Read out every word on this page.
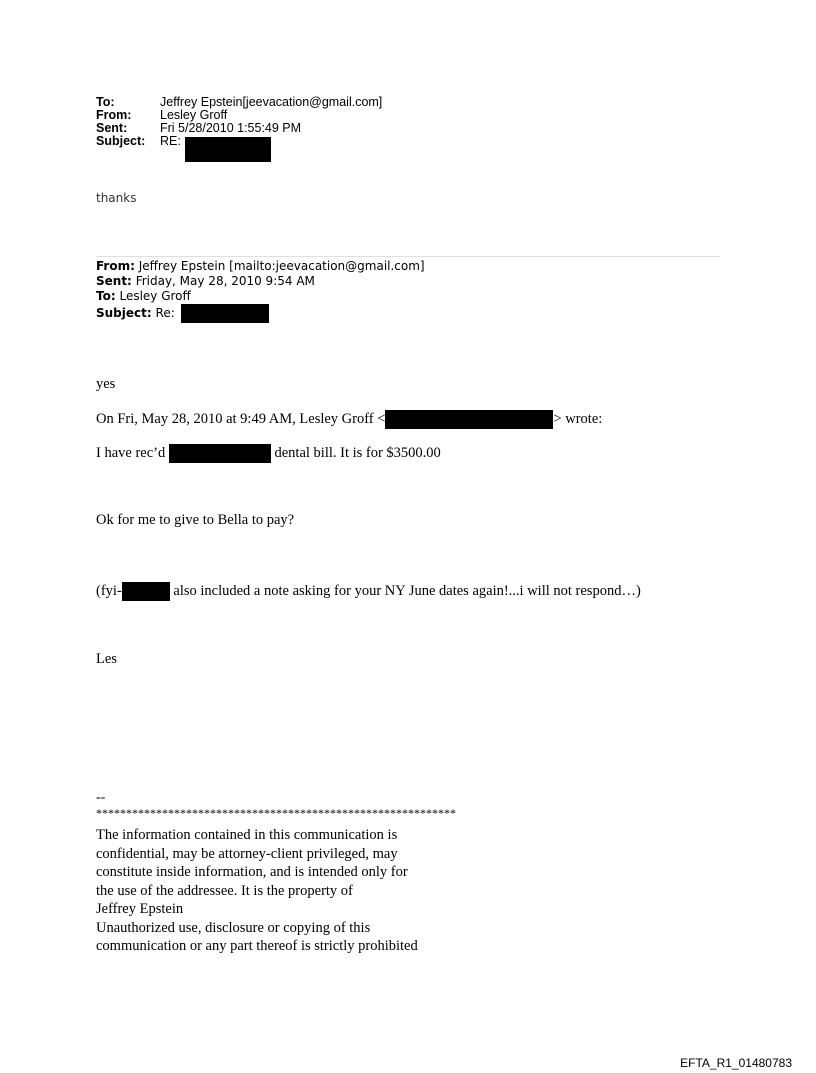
To:	Jeffrey Epstein[jeevacation@gmail.com]
From:	Lesley Groff
Sent:	Fri 5/28/2010 1:55:49 PM
Subject:	RE:
thanks
From: Jeffrey Epstein [mailto:jeevacation@gmail.com]
Sent: Friday, May 28, 2010 9:54 AM
To: Lesley Groff
Subject: Re:
yes
On Fri, May 28, 2010 at 9:49 AM, Lesley Groff <	> wrote:
I have rec’d	dental bill. It is for $3500.00
Ok for me to give to Bella to pay?
(fyi-	also included a note asking for your NY June dates again!...i will not respond…)
Les
--
************************************************************
The information contained in this communication is
confidential, may be attorney-client privileged, may
constitute inside information, and is intended only for
the use of the addressee. It is the property of
Jeffrey Epstein
Unauthorized use, disclosure or copying of this
communication or any part thereof is strictly prohibited
EFTA_R1_01480783
